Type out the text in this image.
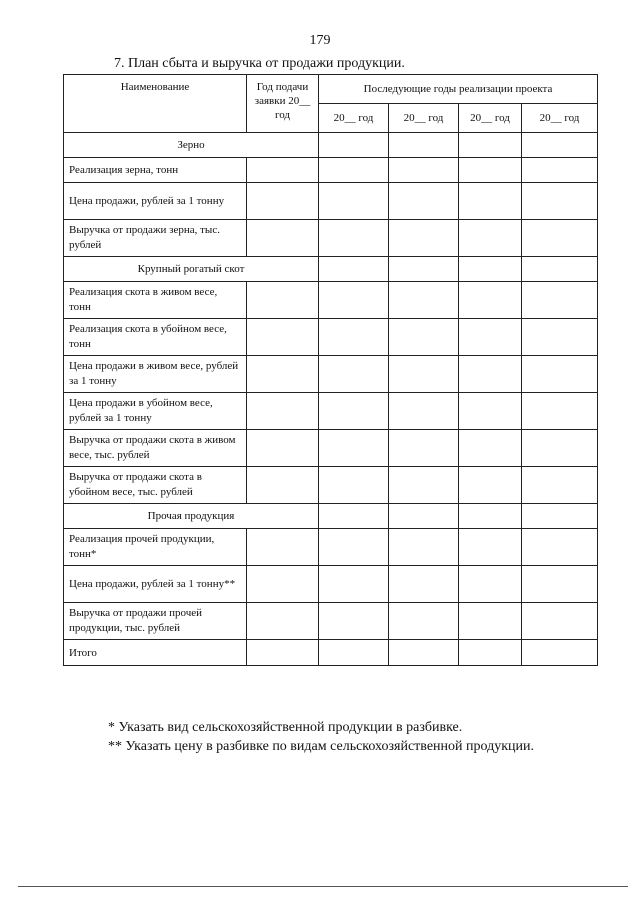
179
7. План сбыта и выручка от продажи продукции.
Наименование	Год подачи заявки 20__ год	Последующие годы реализации проекта			
		20__ год	20__ год	20__ год	20__ год
Зерно					
Реализация зерна, тонн					
Цена продажи, рублей за 1 тонну					
Выручка от продажи зерна, тыс. рублей					
Крупный рогатый скот					
Реализация скота в живом весе, тонн					
Реализация скота в убойном весе, тонн					
Цена продажи в живом весе, рублей за 1 тонну					
Цена продажи в убойном весе, рублей за 1 тонну					
Выручка от продажи скота в живом весе, тыс. рублей					
Выручка от продажи скота в убойном весе, тыс. рублей					
Прочая продукция					
Реализация прочей продукции, тонн*					
Цена продажи, рублей за 1 тонну**					
Выручка от продажи прочей продукции, тыс. рублей					
Итого					
* Указать вид сельскохозяйственной продукции в разбивке.
** Указать цену в разбивке по видам сельскохозяйственной продукции.
